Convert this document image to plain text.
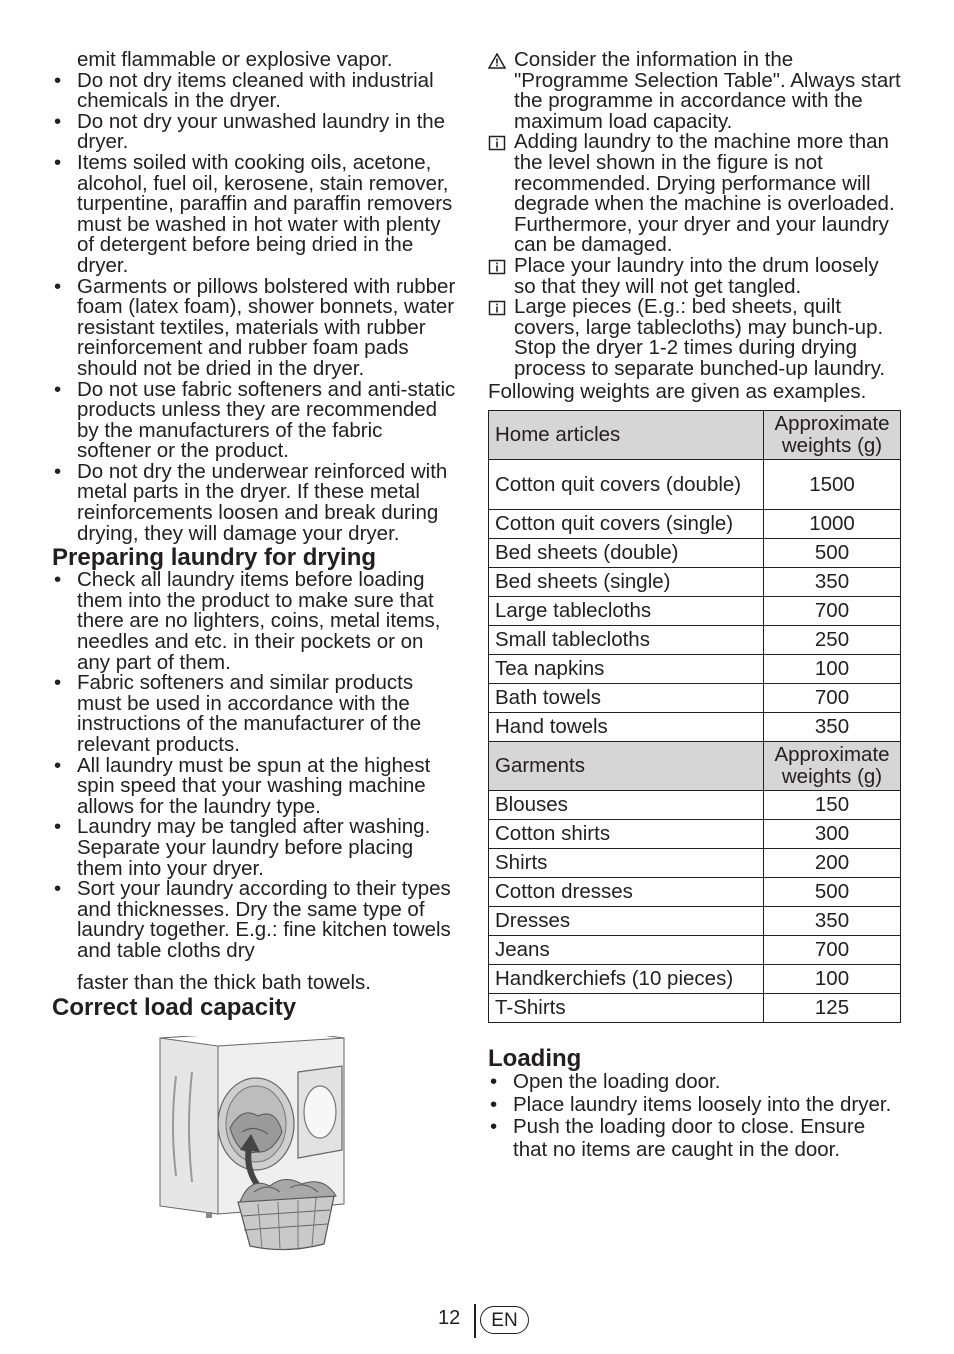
emit flammable or explosive vapor.
• Do not dry items cleaned with industrial chemicals in the dryer.
• Do not dry your unwashed laundry in the dryer.
• Items soiled with cooking oils, acetone, alcohol, fuel oil, kerosene, stain remover, turpentine, paraffin and paraffin removers must be washed in hot water with plenty of detergent before being dried in the dryer.
• Garments or pillows bolstered with rubber foam (latex foam), shower bonnets, water resistant textiles, materials with rubber reinforcement and rubber foam pads should not be dried in the dryer.
• Do not use fabric softeners and anti-static products unless they are recommended by the manufacturers of the fabric softener or the product.
• Do not dry the underwear reinforced with metal parts in the dryer. If these metal reinforcements loosen and break during drying, they will damage your dryer.
Preparing laundry for drying
• Check all laundry items before loading them into the product to make sure that there are no lighters, coins, metal items, needles and etc. in their pockets or on any part of them.
• Fabric softeners and similar products must be used in accordance with the instructions of the manufacturer of the relevant products.
• All laundry must be spun at the highest spin speed that your washing machine allows for the laundry type.
• Laundry may be tangled after washing. Separate your laundry before placing them into your dryer.
• Sort your laundry according to their types and thicknesses. Dry the same type of laundry together. E.g.: fine kitchen towels and table cloths dry
faster than the thick bath towels.
Correct load capacity
Consider the information in the "Programme Selection Table". Always start the programme in accordance with the maximum load capacity.
Adding laundry to the machine more than the level shown in the figure is not recommended. Drying performance will degrade when the machine is overloaded. Furthermore, your dryer and your laundry can be damaged.
Place your laundry into the drum loosely so that they will not get tangled.
Large pieces (E.g.: bed sheets, quilt covers, large tablecloths) may bunch-up. Stop the dryer 1-2 times during drying process to separate bunched-up laundry.
Following weights are given as examples.
Home articles	Approximate weights (g)
Cotton quit covers (double)	1500
Cotton quit covers (single)	1000
Bed sheets (double)	500
Bed sheets (single)	350
Large tablecloths	700
Small tablecloths	250
Tea napkins	100
Bath towels	700
Hand towels	350
Garments	Approximate weights (g)
Blouses	150
Cotton shirts	300
Shirts	200
Cotton dresses	500
Dresses	350
Jeans	700
Handkerchiefs (10 pieces)	100
T-Shirts	125
Loading
• Open the loading door.
• Place laundry items loosely into the dryer.
• Push the loading door to close. Ensure that no items are caught in the door.
12	EN
